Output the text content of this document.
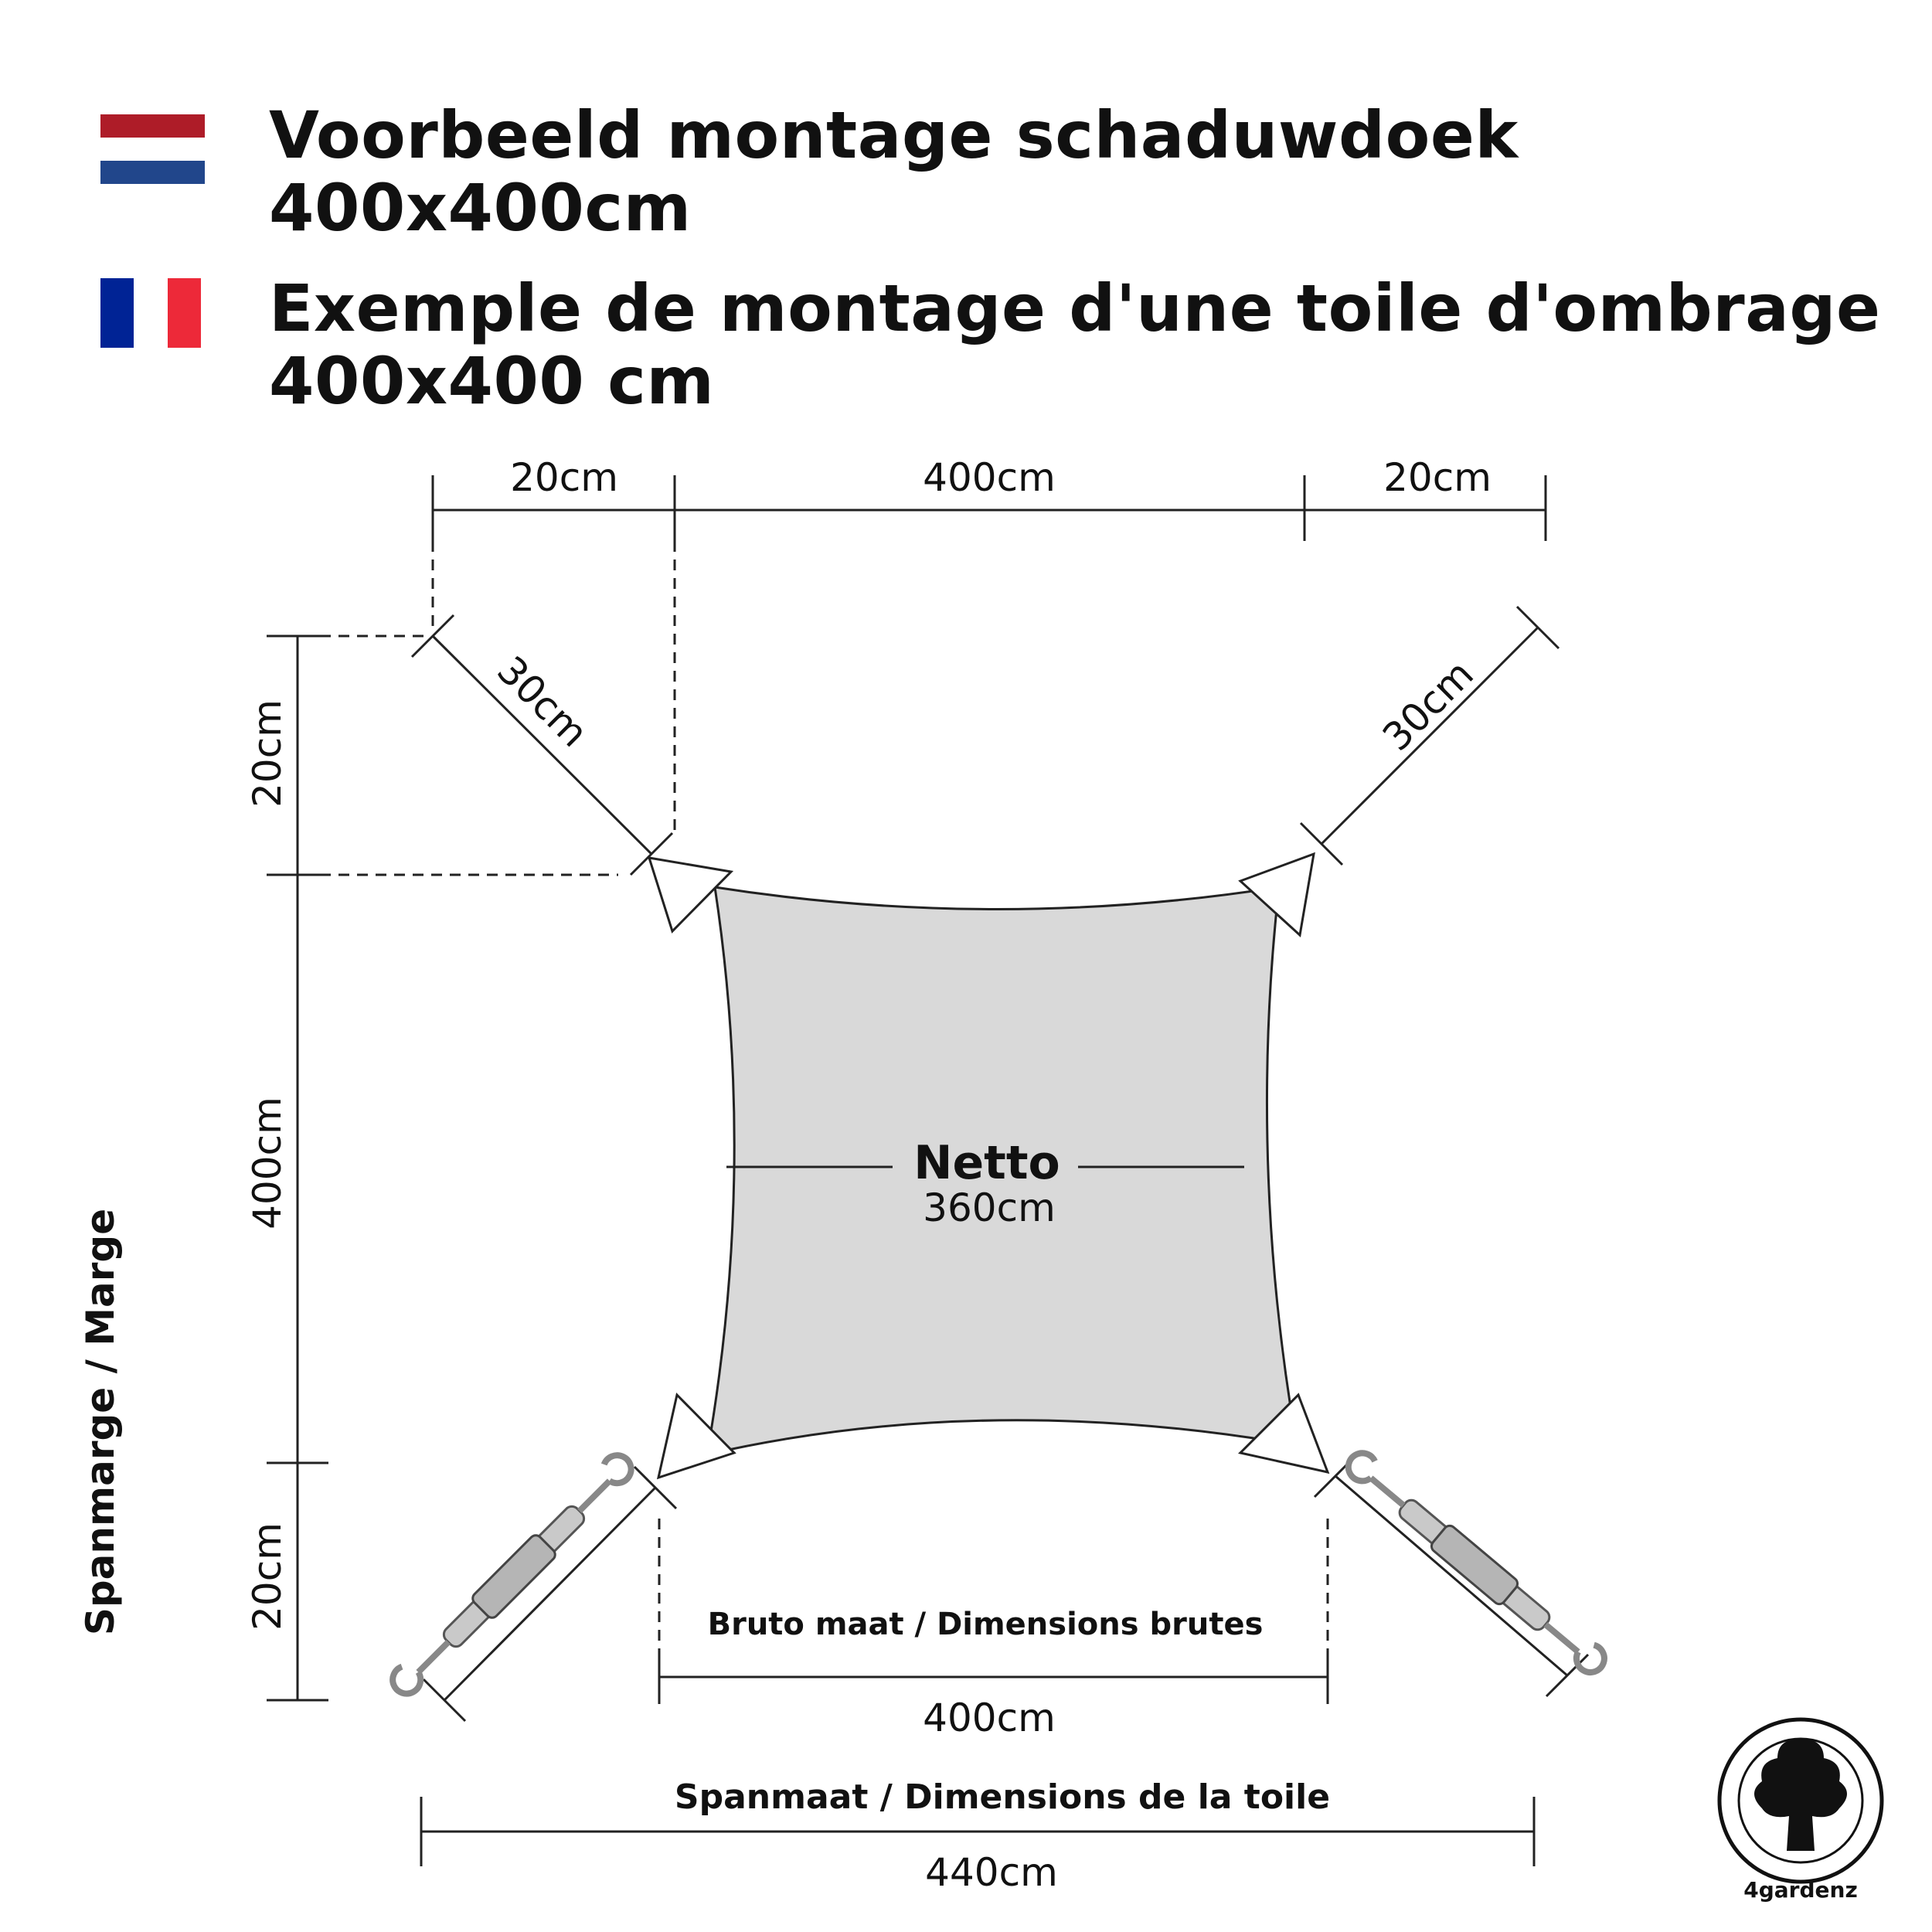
Voorbeeld montage schaduwdoek
400x400cm
Exemple de montage d'une toile d'ombrage
400x400 cm
Spanmarge / Marge
4gardenz
20cm	400cm	20cm
30cm	30cm
20cm
400cm
20cm
Netto
360cm
Bruto maat / Dimensions brutes
400cm
Spanmaat / Dimensions de la toile
440cm
